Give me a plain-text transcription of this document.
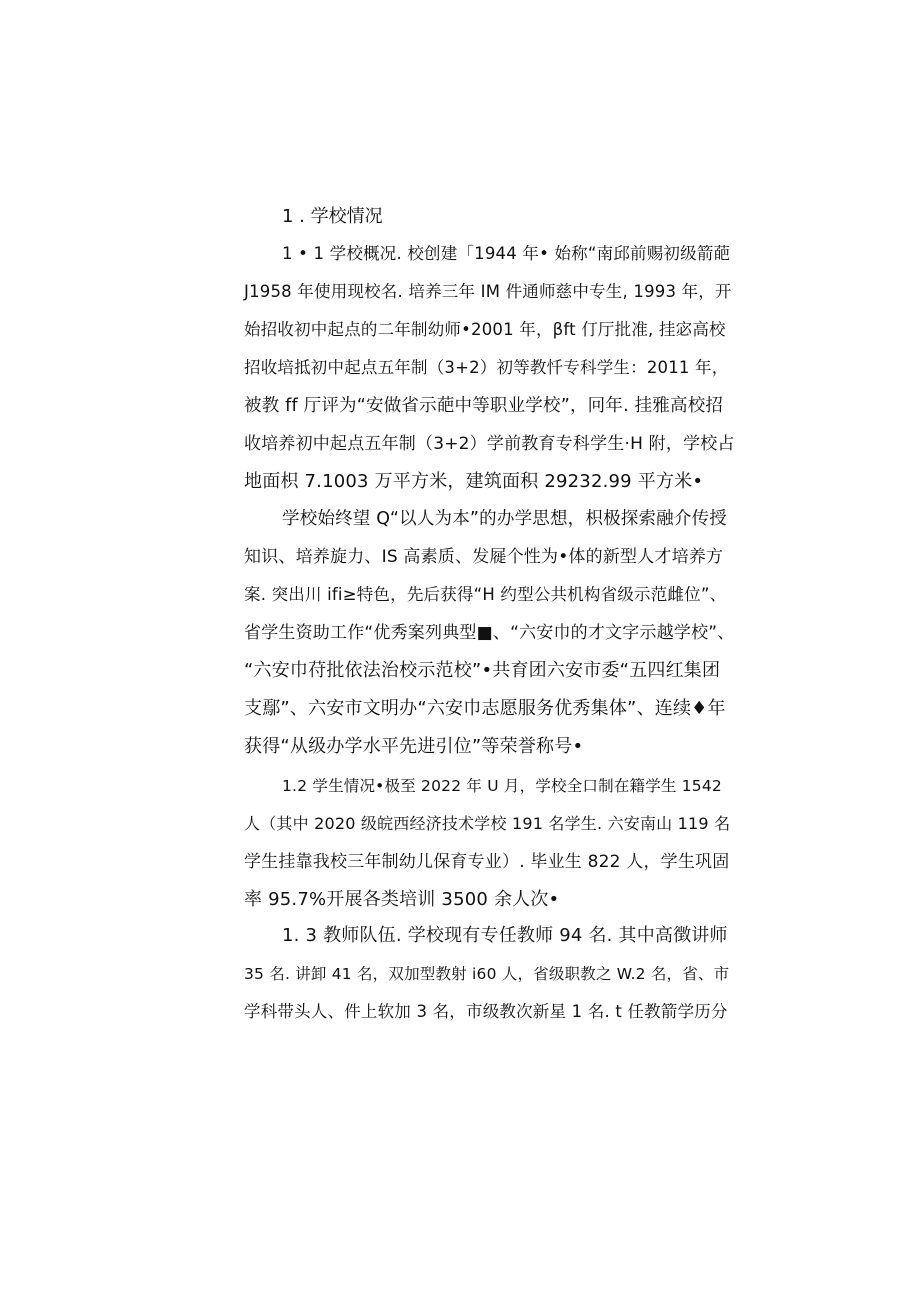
1 . 学校情况
1 • 1 学校概况. 校创建「1944 年• 始称“南邱前赐初级箭葩
J1958 年使用现校名. 培养三年 IM 件通师慈中专生, 1993 年，开
始招收初中起点的二年制幼师•2001 年，βft 仃厅批准, 挂宓高校
招收培抵初中起点五年制（3+2）初等教忏专科学生：2011 年，
被教 ff 厅评为“安做省示葩中等职业学校”，冋年. 挂雅高校招
收培养初中起点五年制（3+2）学前教育专科学生·H 附，学校占
地面枳 7.1003 万平方米，建筑面积 29232.99 平方米•
学校始终望 Q“以人为本”的办学思想，枳极探索融介传授
知识、培养旋力、IS 高素质、发屣个性为•体的新型人才培养方
案. 突出川 ifi≥特色，先后获得“H 约型公共机构省级示范雌位”、
省学生资助工作“优秀案列典型■、“六安巾的才文字示越学校”、
“六安巾苻批依法治校示范校”•共育团六安市委“五四红集团
支鄢”、六安市文明办“六安巾志愿服务优秀集体”、连续♦年
获得“从级办学水平先进引位”等荣誉称号•
1.2 学生情况•极至 2022 年 U 月，学校全口制在籍学生 1542
人（其中 2020 级皖西经济技术学校 191 名学生. 六安南山 119 名
学生挂靠我校三年制幼儿保育专业）. 毕业生 822 人，学生巩固
率 95.7%开展各类培训 3500 余人次•
1. 3 教师队伍. 学校现有专任教师 94 名. 其中高徴讲师
35 名. 讲卸 41 名，双加型教射 i60 人，省级职教之 W.2 名，省、市
学科带头人、件上软加 3 名，市级教次新星 1 名. t 任教箭学历分
